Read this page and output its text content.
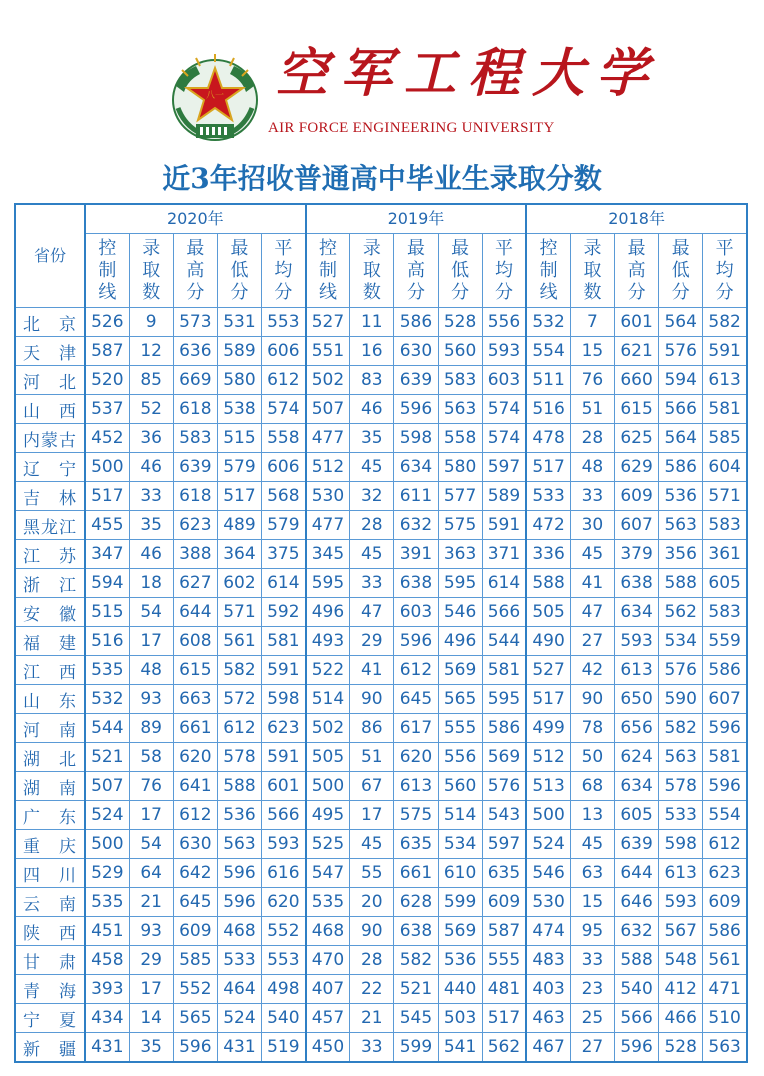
八一 空军工程大学
AIR FORCE ENGINEERING UNIVERSITY
近3年招收普通高中毕业生录取分数
省份	2020年					2019年					2018年				

	控制线	录取数	最高分	最低分	平均分	控制线	录取数	最高分	最低分	平均分	控制线	录取数	最高分	最低分	平均分

北　京	526	9	573	531	553	527	11	586	528	556	532	7	601	564	582
天　津	587	12	636	589	606	551	16	630	560	593	554	15	621	576	591
河　北	520	85	669	580	612	502	83	639	583	603	511	76	660	594	613
山　西	537	52	618	538	574	507	46	596	563	574	516	51	615	566	581
内蒙古	452	36	583	515	558	477	35	598	558	574	478	28	625	564	585
辽　宁	500	46	639	579	606	512	45	634	580	597	517	48	629	586	604
吉　林	517	33	618	517	568	530	32	611	577	589	533	33	609	536	571
黑龙江	455	35	623	489	579	477	28	632	575	591	472	30	607	563	583
江　苏	347	46	388	364	375	345	45	391	363	371	336	45	379	356	361
浙　江	594	18	627	602	614	595	33	638	595	614	588	41	638	588	605
安　徽	515	54	644	571	592	496	47	603	546	566	505	47	634	562	583
福　建	516	17	608	561	581	493	29	596	496	544	490	27	593	534	559
江　西	535	48	615	582	591	522	41	612	569	581	527	42	613	576	586
山　东	532	93	663	572	598	514	90	645	565	595	517	90	650	590	607
河　南	544	89	661	612	623	502	86	617	555	586	499	78	656	582	596
湖　北	521	58	620	578	591	505	51	620	556	569	512	50	624	563	581
湖　南	507	76	641	588	601	500	67	613	560	576	513	68	634	578	596
广　东	524	17	612	536	566	495	17	575	514	543	500	13	605	533	554
重　庆	500	54	630	563	593	525	45	635	534	597	524	45	639	598	612
四　川	529	64	642	596	616	547	55	661	610	635	546	63	644	613	623
云　南	535	21	645	596	620	535	20	628	599	609	530	15	646	593	609
陕　西	451	93	609	468	552	468	90	638	569	587	474	95	632	567	586
甘　肃	458	29	585	533	553	470	28	582	536	555	483	33	588	548	561
青　海	393	17	552	464	498	407	22	521	440	481	403	23	540	412	471
宁　夏	434	14	565	524	540	457	21	545	503	517	463	25	566	466	510
新　疆	431	35	596	431	519	450	33	599	541	562	467	27	596	528	563
